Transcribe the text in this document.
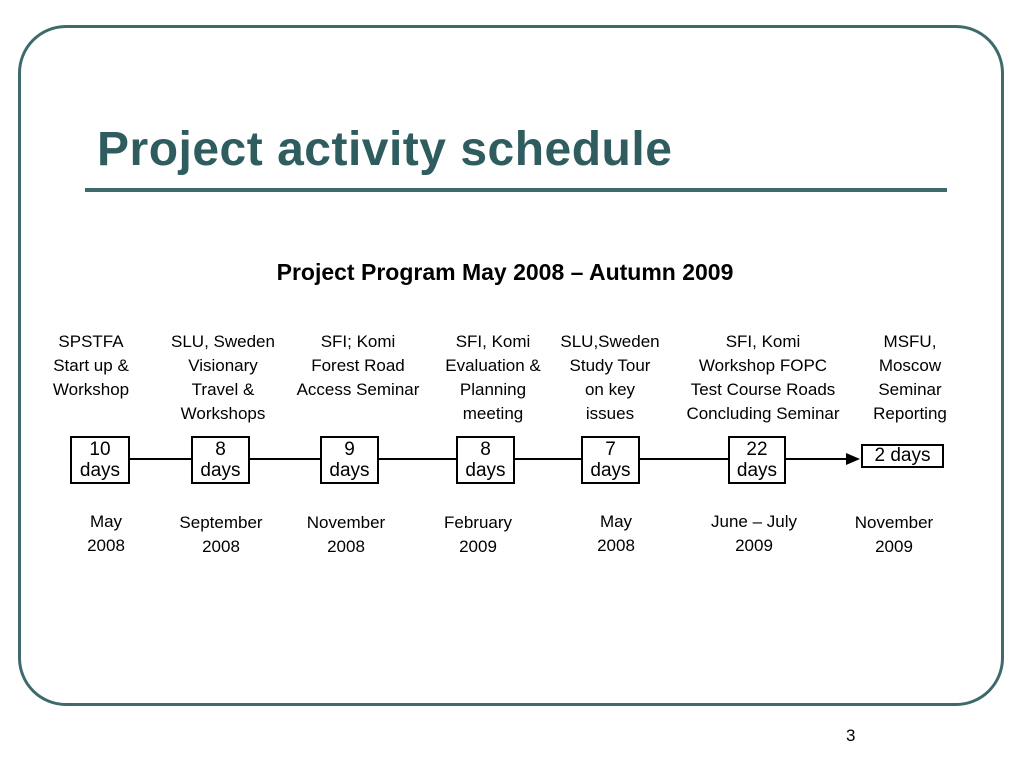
Project activity schedule
Project Program May 2008 – Autumn 2009
SPSTFA
Start up &
Workshop
SLU, Sweden
Visionary
Travel &
Workshops
SFI; Komi
Forest Road
Access Seminar
SFI, Komi
Evaluation &
Planning
meeting
SLU,Sweden
Study Tour
on key
issues
SFI, Komi
Workshop FOPC
Test Course Roads
Concluding Seminar
MSFU,
Moscow
Seminar
Reporting
10
days
8
days
9
days
8
days
7
days
22
days
2 days
May
2008
September
2008
November
2008
February
2009
May
2008
June – July
2009
November
2009
3
